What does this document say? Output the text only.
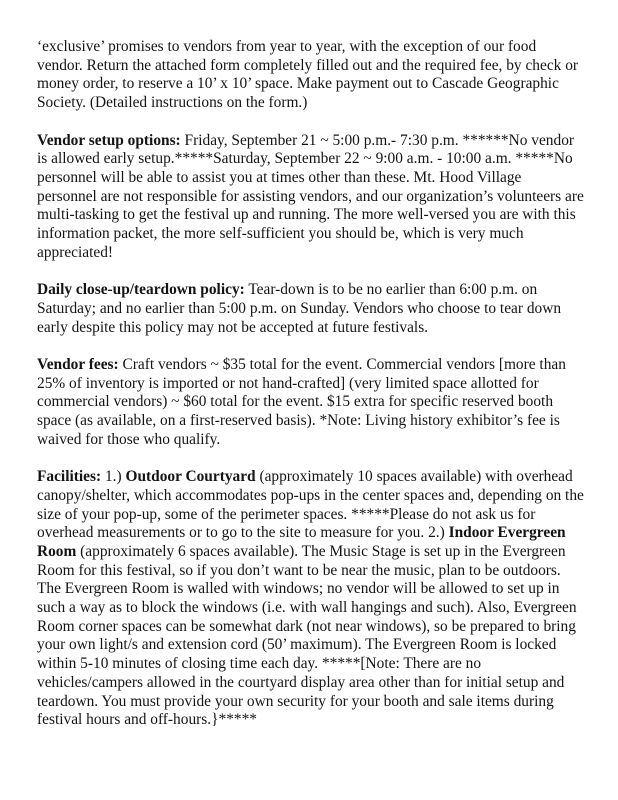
‘exclusive’ promises to vendors from year to year, with the exception of our food vendor. Return the attached form completely filled out and the required fee, by check or money order, to reserve a 10’ x 10’ space. Make payment out to Cascade Geographic Society. (Detailed instructions on the form.)

Vendor setup options: Friday, September 21 ~ 5:00 p.m.- 7:30 p.m. ******No vendor is allowed early setup.*****Saturday, September 22 ~ 9:00 a.m. - 10:00 a.m. *****No personnel will be able to assist you at times other than these. Mt. Hood Village personnel are not responsible for assisting vendors, and our organization’s volunteers are multi-tasking to get the festival up and running. The more well-versed you are with this information packet, the more self-sufficient you should be, which is very much appreciated!

Daily close-up/teardown policy: Tear-down is to be no earlier than 6:00 p.m. on Saturday; and no earlier than 5:00 p.m. on Sunday. Vendors who choose to tear down early despite this policy may not be accepted at future festivals.

Vendor fees: Craft vendors ~ $35 total for the event. Commercial vendors [more than 25% of inventory is imported or not hand-crafted] (very limited space allotted for commercial vendors) ~ $60 total for the event. $15 extra for specific reserved booth space (as available, on a first-reserved basis). *Note: Living history exhibitor’s fee is waived for those who qualify.

Facilities: 1.) Outdoor Courtyard (approximately 10 spaces available) with overhead canopy/shelter, which accommodates pop-ups in the center spaces and, depending on the size of your pop-up, some of the perimeter spaces. *****Please do not ask us for overhead measurements or to go to the site to measure for you. 2.) Indoor Evergreen Room (approximately 6 spaces available). The Music Stage is set up in the Evergreen Room for this festival, so if you don’t want to be near the music, plan to be outdoors. The Evergreen Room is walled with windows; no vendor will be allowed to set up in such a way as to block the windows (i.e. with wall hangings and such). Also, Evergreen Room corner spaces can be somewhat dark (not near windows), so be prepared to bring your own light/s and extension cord (50’ maximum). The Evergreen Room is locked within 5-10 minutes of closing time each day. *****[Note: There are no vehicles/campers allowed in the courtyard display area other than for initial setup and teardown. You must provide your own security for your booth and sale items during festival hours and off-hours.}*****
